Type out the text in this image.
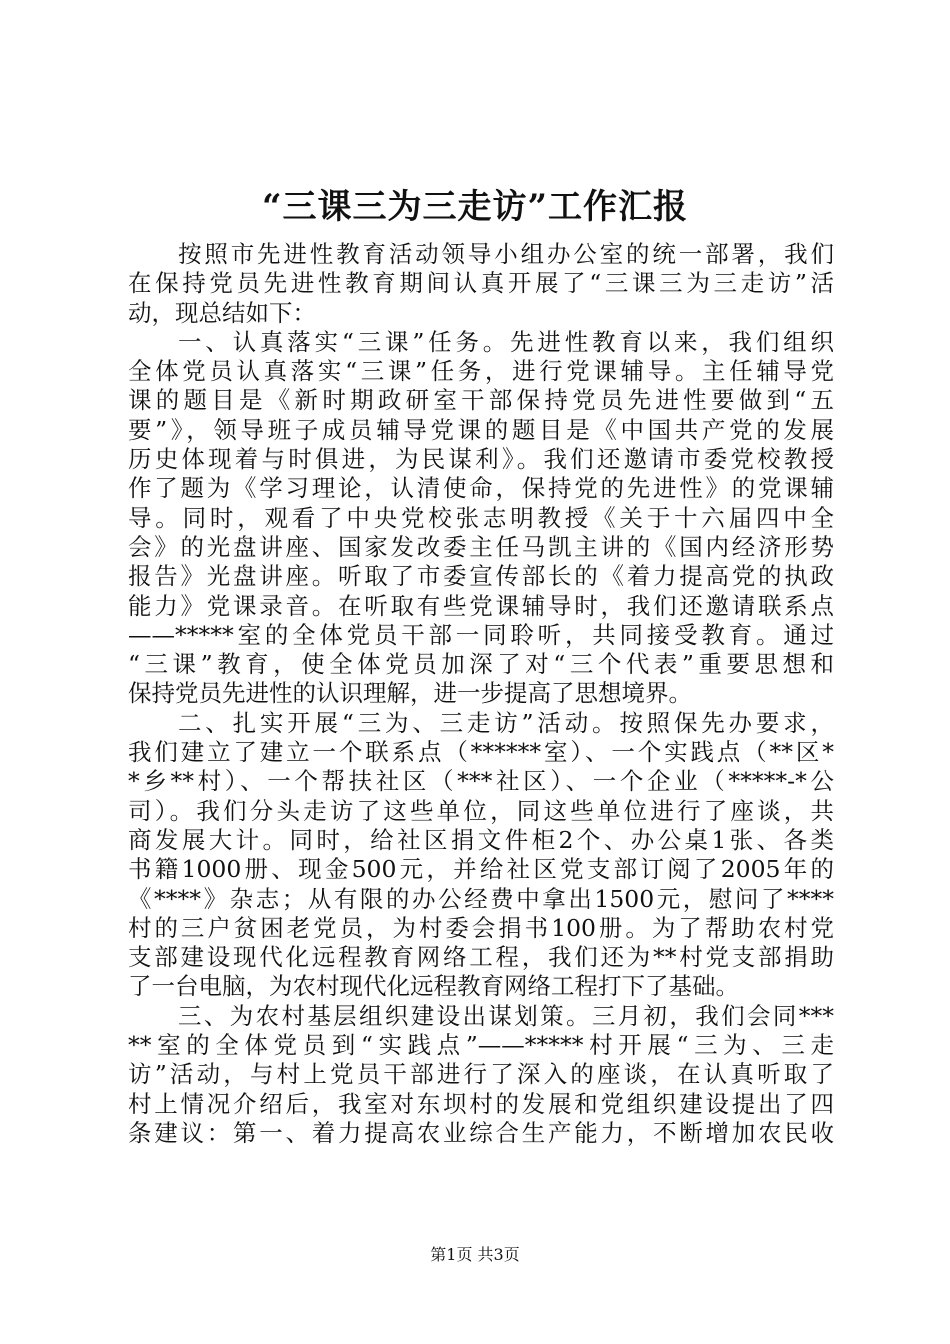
“三课三为三走访”工作汇报
按照市先进性教育活动领导小组办公室的统一部署，我们
在保持党员先进性教育期间认真开展了“三课三为三走访”活
动，现总结如下：
一、认真落实“三课”任务。先进性教育以来，我们组织
全体党员认真落实“三课”任务，进行党课辅导。主任辅导党
课的题目是《新时期政研室干部保持党员先进性要做到“五
要”》，领导班子成员辅导党课的题目是《中国共产党的发展
历史体现着与时俱进，为民谋利》。我们还邀请市委党校教授
作了题为《学习理论，认清使命，保持党的先进性》的党课辅
导。同时，观看了中央党校张志明教授《关于十六届四中全
会》的光盘讲座、国家发改委主任马凯主讲的《国内经济形势
报告》光盘讲座。听取了市委宣传部长的《着力提高党的执政
能力》党课录音。在听取有些党课辅导时，我们还邀请联系点
——*****室的全体党员干部一同聆听，共同接受教育。通过
“三课”教育，使全体党员加深了对“三个代表”重要思想和
保持党员先进性的认识理解，进一步提高了思想境界。
二、扎实开展“三为、三走访”活动。按照保先办要求，
我们建立了建立一个联系点（******室）、一个实践点（**区*
*乡**村）、一个帮扶社区（***社区）、一个企业（*****-*公
司）。我们分头走访了这些单位，同这些单位进行了座谈，共
商发展大计。同时，给社区捐文件柜2个、办公桌1张、各类
书籍1000册、现金500元，并给社区党支部订阅了2005年的
《****》杂志；从有限的办公经费中拿出1500元，慰问了****
村的三户贫困老党员，为村委会捐书100册。为了帮助农村党
支部建设现代化远程教育网络工程，我们还为**村党支部捐助
了一台电脑，为农村现代化远程教育网络工程打下了基础。
三、为农村基层组织建设出谋划策。三月初，我们会同***
**室的全体党员到“实践点”——*****村开展“三为、三走
访”活动，与村上党员干部进行了深入的座谈，在认真听取了
村上情况介绍后，我室对东坝村的发展和党组织建设提出了四
条建议：第一、着力提高农业综合生产能力，不断增加农民收
第1页 共3页
